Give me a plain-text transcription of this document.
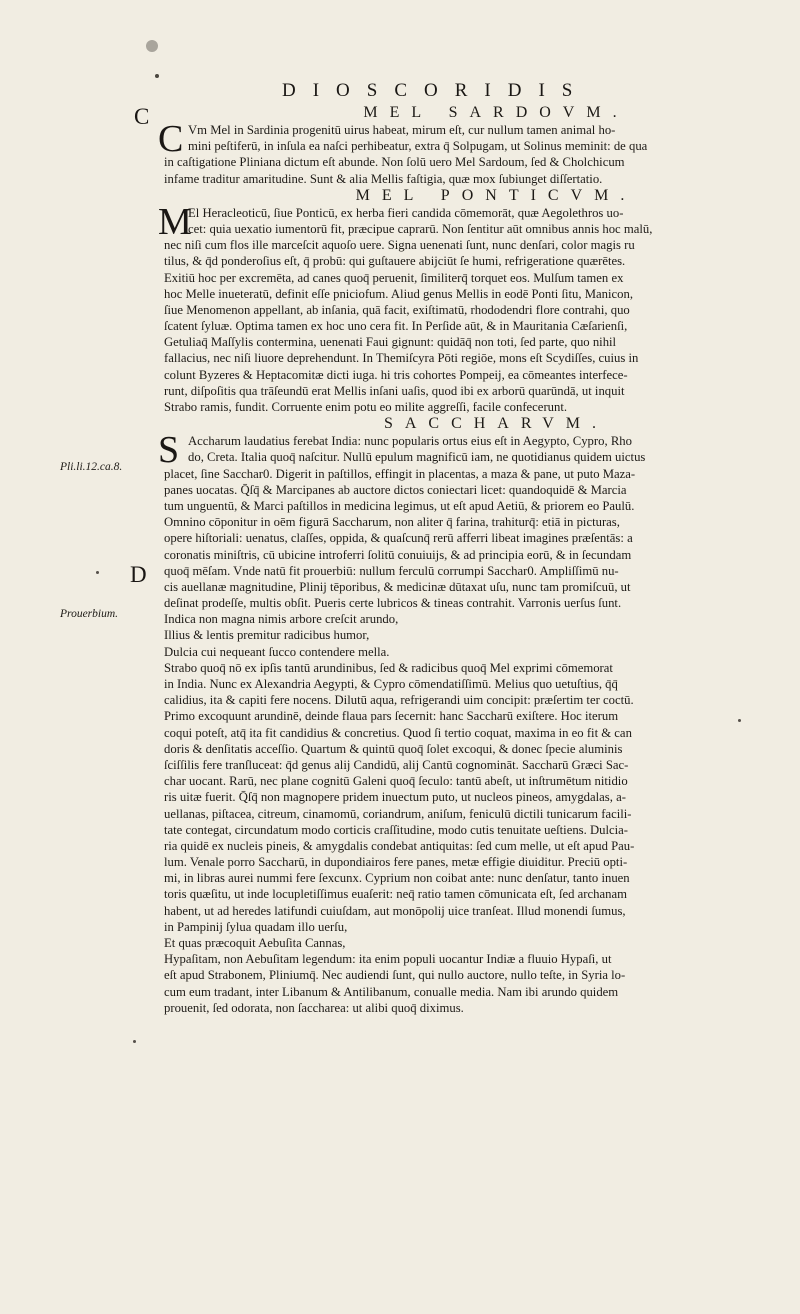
DIOSCORIDIS
C
Pli.li.12.ca.8.
D
Prouerbium.
MEL SARDOVM.
C Vm Mel in Sardinia progenitū uirus habeat, mirum eſt, cur nullum tamen animal ho-
mini peſtiferū, in inſula ea naſci perhibeatur, extra q̄ Solpugam, ut Solinus meminit: de qua
in caſtigatione Pliniana dictum eſt abunde. Non ſolū uero Mel Sardoum, ſed & Cholchicum
infame traditur amaritudine. Sunt & alia Mellis faſtigia, quæ mox ſubiunget diſſertatio.
MEL PONTICVM.
M
El Heracleoticū, ſiue Ponticū, ex herba fieri candida cōmemorāt, quæ Aegolethros uo-
cet: quia uexatio iumentorū fit, præcipue caprarū. Non ſentitur aūt omnibus annis hoc malū,
nec niſi cum flos ille marceſcit aquoſo uere. Signa uenenati ſunt, nunc denſari, color magis ru
tilus, & q̄d ponderoſius eſt, q̄ probū: qui guſtauere abijciūt ſe humi, refrigeratione quærētes.
Exitiū hoc per excremēta, ad canes quoq̄ peruenit, ſimiliterq̄ torquet eos. Mulſum tamen ex
hoc Melle inueteratū, definit eſſe pniciofum. Aliud genus Mellis in eodē Ponti ſitu, Manicon,
ſiue Menomenon appellant, ab inſania, quā facit, exiſtimatū, rhododendri flore contrahi, quo
ſcatent ſyluæ. Optima tamen ex hoc uno cera fit. In Perſide aūt, & in Mauritania Cæſarienſi,
Getuliaq̄ Maſſylis contermina, uenenati Faui gignunt: quidāq̄ non toti, ſed parte, quo nihil
fallacius, nec niſi liuore deprehendunt. In Themiſcyra Pōti regiōe, mons eſt Scydiſſes, cuius in
colunt Byzeres & Heptacomitæ dicti iuga. hi tris cohortes Pompeij, ea cōmeantes interfece-
runt, diſpoſitis qua trāſeundū erat Mellis inſani uaſis, quod ibi ex arborū quarūndā, ut inquit
Strabo ramis, fundit. Corruente enim potu eo milite aggreſſi, facile confecerunt.
SACCHARVM.
S Accharum laudatius ferebat India: nunc popularis ortus eius eſt in Aegypto, Cypro, Rho
do, Creta. Italia quoq̄ naſcitur. Nullū epulum magnificū iam, ne quotidianus quidem uictus
placet, ſine Sacchar0. Digerit in paſtillos, effingit in placentas, a maza & pane, ut puto Maza-
panes uocatas. Q̄ſq̄ & Marcipanes ab auctore dictos coniectari licet: quandoquidē & Marcia
tum unguentū, & Marci paſtillos in medicina legimus, ut eſt apud Aetiū, & priorem eo Paulū.
Omnino cōponitur in oēm figurā Saccharum, non aliter q̄ farina, trahiturq̄: etiā in picturas,
opere hiſtoriali: uenatus, claſſes, oppida, & quaſcunq̄ rerū afferri libeat imagines præſentās: a
coronatis miniſtris, cū ubicine introferri ſolitū conuiuijs, & ad principia eorū, & in ſecundam
quoq̄ mēſam. Vnde natū fit prouerbiū: nullum ferculū corrumpi Sacchar0. Ampliſſimū nu-
cis auellanæ magnitudine, Plinij tēporibus, & medicinæ dūtaxat uſu, nunc tam promiſcuū, ut
deſinat prodeſſe, multis obſit. Pueris certe lubricos & tineas contrahit. Varronis uerſus ſunt.
Indica non magna nimis arbore creſcit arundo,
Illius & lentis premitur radicibus humor,
Dulcia cui nequeant ſucco contendere mella.
Strabo quoq̄ nō ex ipſis tantū arundinibus, ſed & radicibus quoq̄ Mel exprimi cōmemorat
in India. Nunc ex Alexandria Aegypti, & Cypro cōmendatiſſimū. Melius quo uetuſtius, q̄q̄
calidius, ita & capiti fere nocens. Dilutū aqua, refrigerandi uim concipit: præſertim ter coctū.
Primo excoquunt arundinē, deinde flaua pars ſecernit: hanc Saccharū exiſtere. Hoc iterum
coqui poteſt, atq̄ ita fit candidius & concretius. Quod ſi tertio coquat, maxima in eo fit & can
doris & denſitatis acceſſio. Quartum & quintū quoq̄ ſolet excoqui, & donec ſpecie aluminis
ſciſſilis fere tranſluceat: q̄d genus alij Candidū, alij Cantū cognomināt. Saccharū Græci Sac-
char uocant. Rarū, nec plane cognitū Galeni quoq̄ ſeculo: tantū abeſt, ut inſtrumētum nitidio
ris uitæ fuerit. Q̄ſq̄ non magnopere pridem inuectum puto, ut nucleos pineos, amygdalas, a-
uellanas, piſtacea, citreum, cinamomū, coriandrum, aniſum, feniculū dictili tunicarum facili-
tate contegat, circundatum modo corticis craſſitudine, modo cutis tenuitate ueſtiens. Dulcia-
ria quidē ex nucleis pineis, & amygdalis condebat antiquitas: ſed cum melle, ut eſt apud Pau-
lum. Venale porro Saccharū, in dupondiairos fere panes, metæ effigie diuiditur. Preciū opti-
mi, in libras aurei nummi fere ſexcunx. Cyprium non coibat ante: nunc denſatur, tanto inuen
toris quæſitu, ut inde locupletiſſimus euaſerit: neq̄ ratio tamen cōmunicata eſt, ſed archanam
habent, ut ad heredes latifundi cuiuſdam, aut monōpolij uice tranſeat. Illud monendi ſumus,
in Pampinij ſylua quadam illo uerſu,
Et quas præcoquit Aebuſita Cannas,
Hypaſitam, non Aebuſitam legendum: ita enim populi uocantur Indiæ a fluuio Hypaſi, ut
eſt apud Strabonem, Pliniumq̄. Nec audiendi ſunt, qui nullo auctore, nullo teſte, in Syria lo-
cum eum tradant, inter Libanum & Antilibanum, conualle media. Nam ibi arundo quidem
prouenit, ſed odorata, non ſaccharea: ut alibi quoq̄ diximus.
